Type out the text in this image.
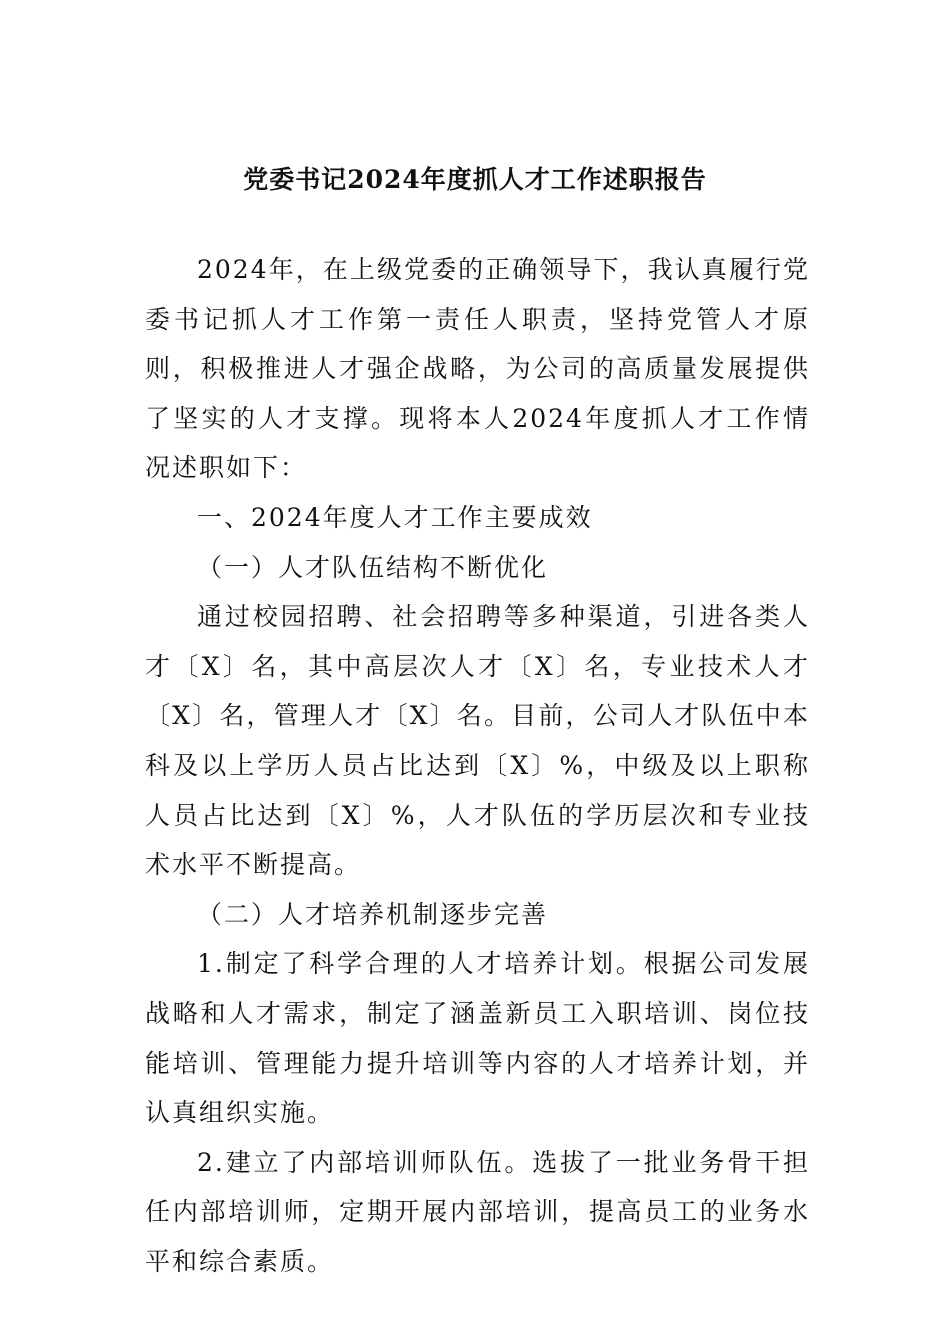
党委书记2024年度抓人才工作述职报告

2024年，在上级党委的正确领导下，我认真履行党委书记抓人才工作第一责任人职责，坚持党管人才原则，积极推进人才强企战略，为公司的高质量发展提供了坚实的人才支撑。现将本人2024年度抓人才工作情况述职如下：

一、2024年度人才工作主要成效

（一）人才队伍结构不断优化

通过校园招聘、社会招聘等多种渠道，引进各类人才〔X〕名，其中高层次人才〔X〕名，专业技术人才〔X〕名，管理人才〔X〕名。目前，公司人才队伍中本科及以上学历人员占比达到〔X〕%，中级及以上职称人员占比达到〔X〕%，人才队伍的学历层次和专业技术水平不断提高。

（二）人才培养机制逐步完善

1.制定了科学合理的人才培养计划。根据公司发展战略和人才需求，制定了涵盖新员工入职培训、岗位技能培训、管理能力提升培训等内容的人才培养计划，并认真组织实施。

2.建立了内部培训师队伍。选拔了一批业务骨干担任内部培训师，定期开展内部培训，提高员工的业务水平和综合素质。
